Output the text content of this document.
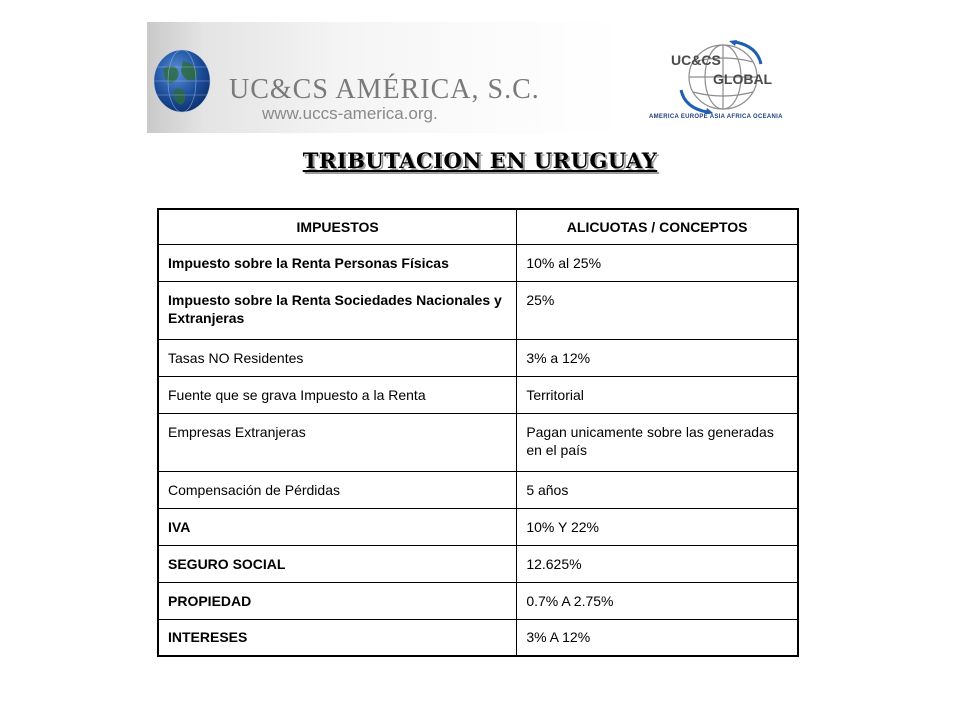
UC&CS AMÉRICA, S.C.
www.uccs-america.org.
UC&CS
GLOBAL
AMERICA EUROPE ASIA AFRICA OCEANIA
TRIBUTACION EN URUGUAY
IMPUESTOS	ALICUOTAS / CONCEPTOS
Impuesto sobre la Renta Personas Físicas	10% al 25%
Impuesto sobre la Renta Sociedades Nacionales y Extranjeras	25%
Tasas NO Residentes	3% a 12%
Fuente que se grava Impuesto a la Renta	Territorial
Empresas Extranjeras	Pagan unicamente sobre las generadas en el país
Compensación de Pérdidas	5 años
IVA	10% Y 22%
SEGURO SOCIAL	12.625%
PROPIEDAD	0.7% A 2.75%
INTERESES	3% A 12%
